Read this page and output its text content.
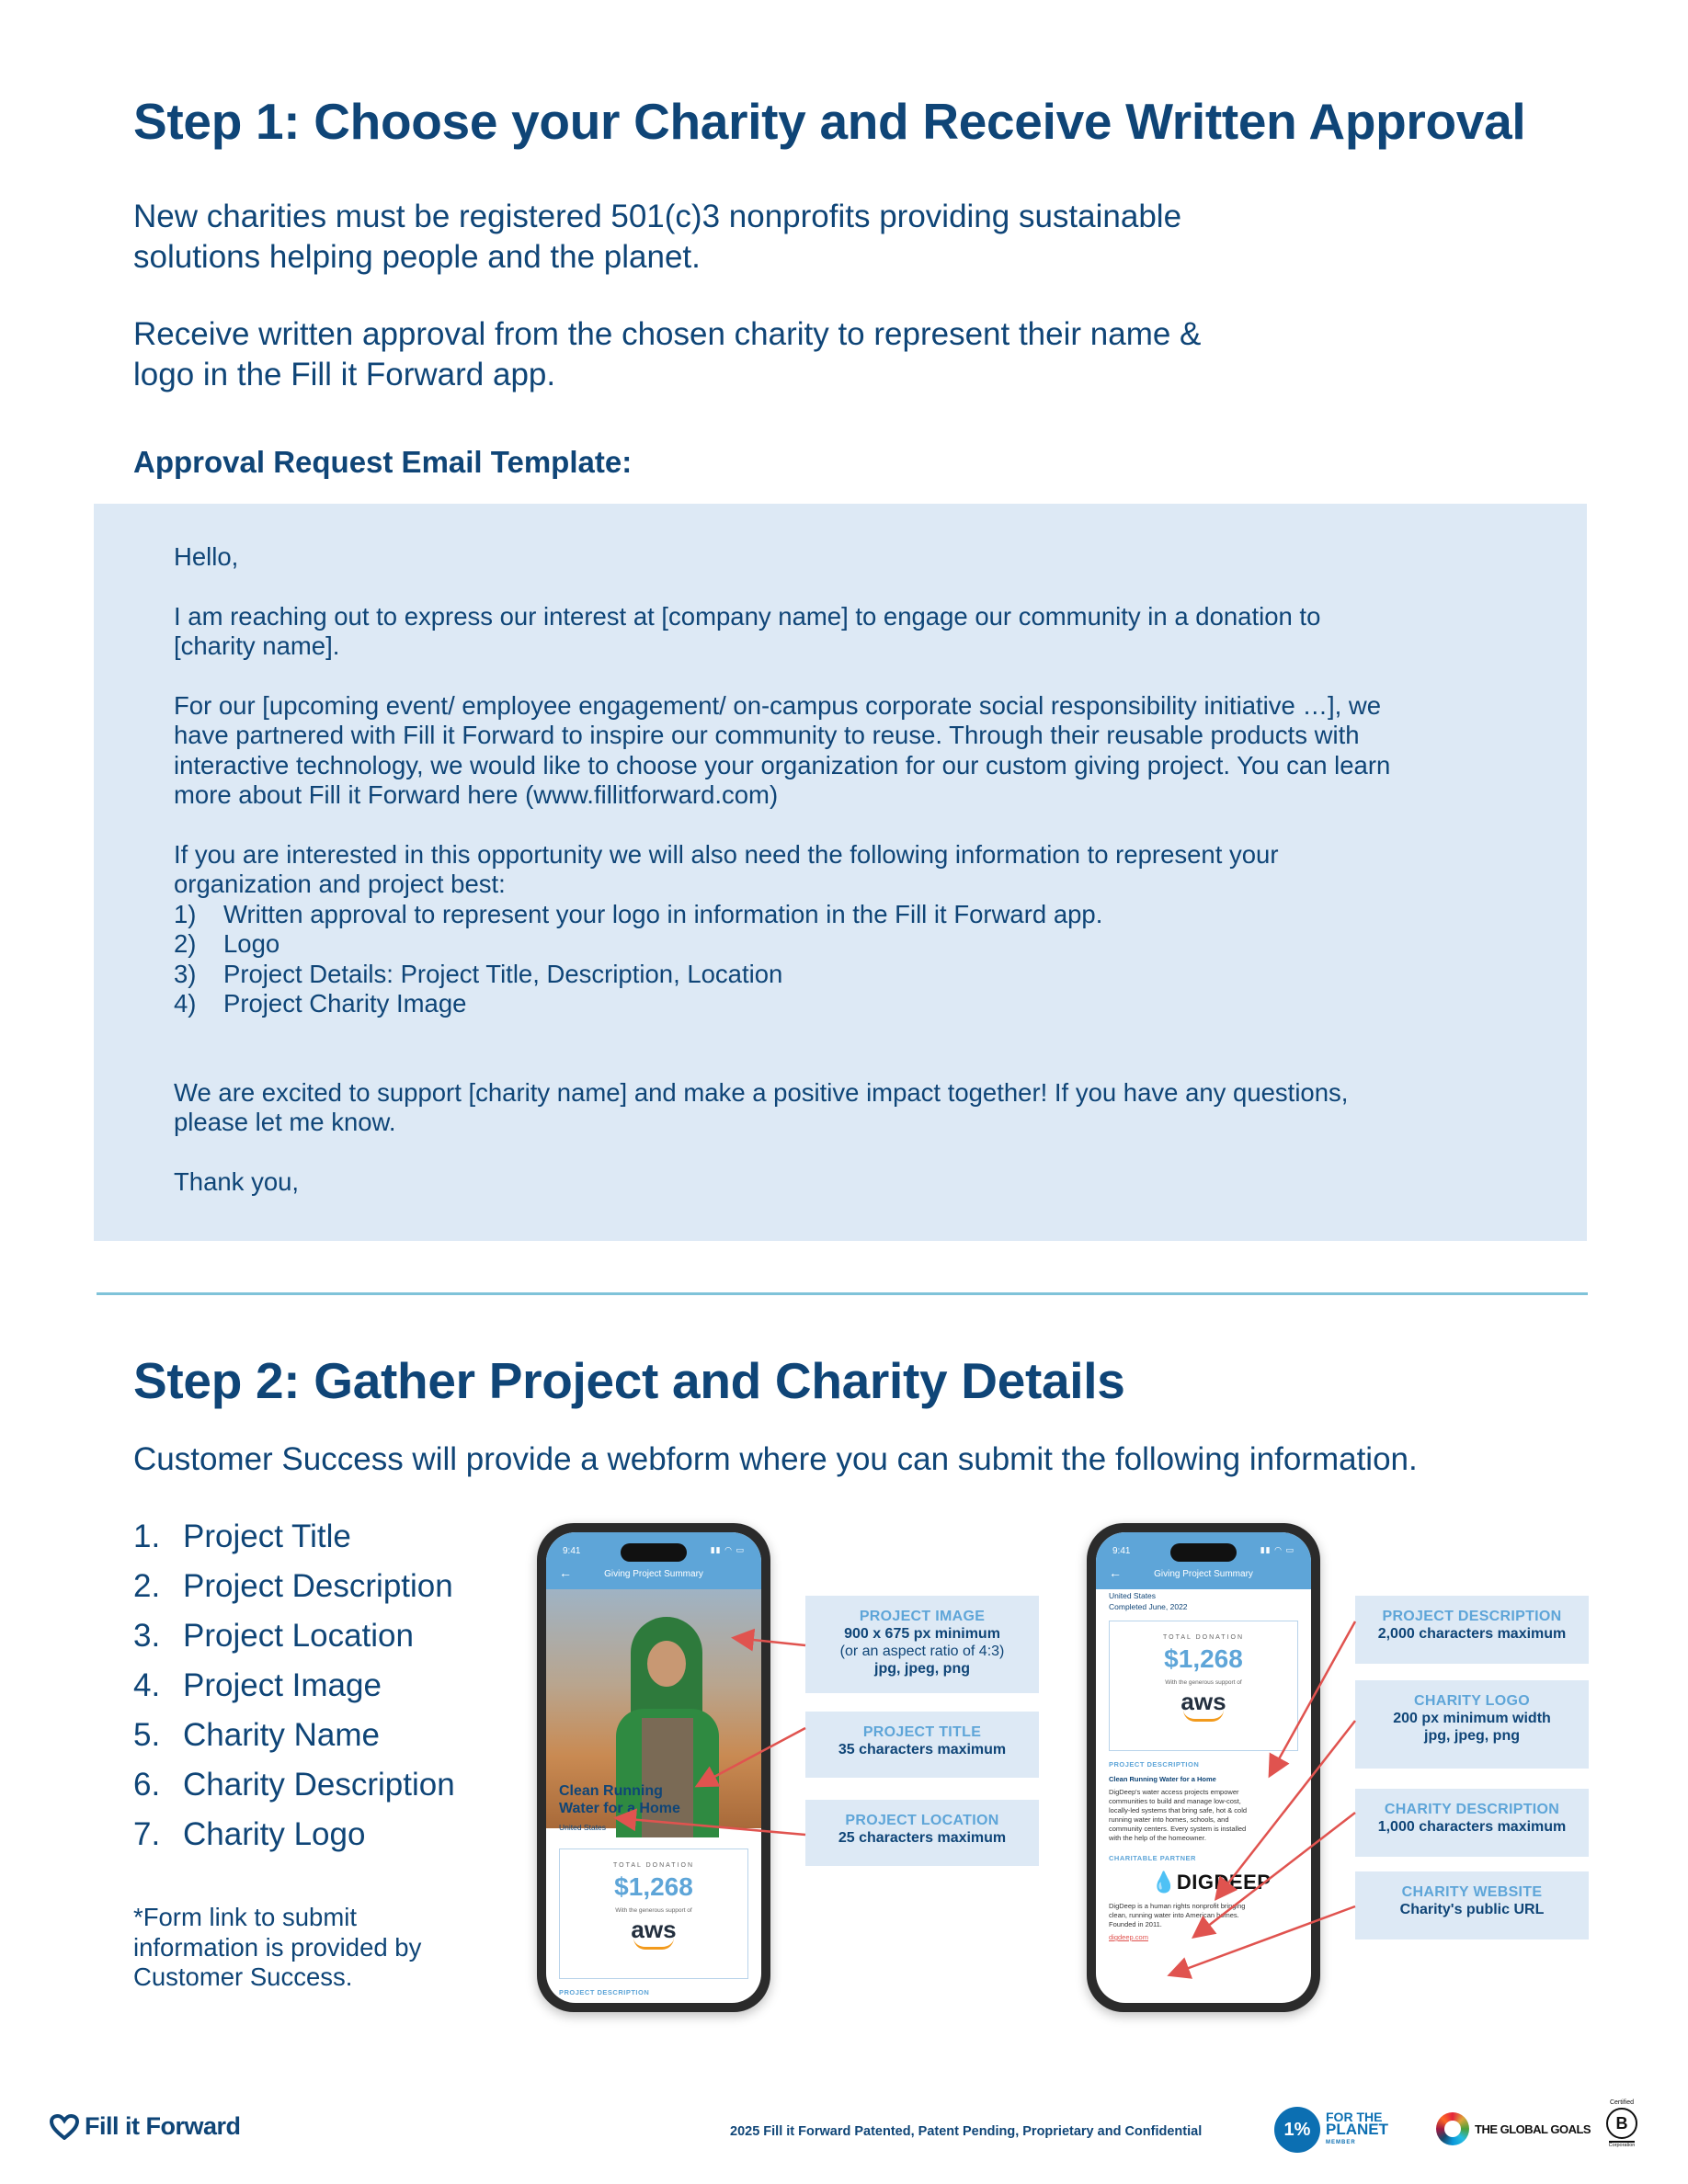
Step 1: Choose your Charity and Receive Written Approval

New charities must be registered 501(c)3 nonprofits providing sustainable

solutions helping people and the planet.

Receive written approval from the chosen charity to represent their name &

logo in the Fill it Forward app.

Approval Request Email Template:

Hello,

I am reaching out to express our interest at [company name] to engage our community in a donation to

[charity name].

For our [upcoming event/ employee engagement/ on-campus corporate social responsibility initiative …], we

have partnered with Fill it Forward to inspire our community to reuse. Through their reusable products with

interactive technology, we would like to choose your organization for our custom giving project. You can learn

more about Fill it Forward here (www.fillitforward.com)

If you are interested in this opportunity we will also need the following information to represent your

organization and project best:

1)	Written approval to represent your logo in information in the Fill it Forward app.
2)	Logo
3)	Project Details: Project Title, Description, Location
4)	Project Charity Image

We are excited to support [charity name] and make a positive impact together! If you have any questions,

please let me know.

Thank you,

Step 2: Gather Project and Charity Details

Customer Success will provide a webform where you can submit the following information.

1. Project Title
2. Project Description
3. Project Location
4. Project Image
5. Charity Name
6. Charity Description
7. Charity Logo

*Form link to submit

information is provided by

Customer Success.

9:41	▮▮ ◠ ▭
←	Giving Project Summary
Clean Running
Water for a Home
United States
TOTAL DONATION
$1,268
With the generous support of
aws
PROJECT DESCRIPTION
9:41	▮▮ ◠ ▭
←	Giving Project Summary
United States
Completed June, 2022
TOTAL DONATION
$1,268
With the generous support of
aws
PROJECT DESCRIPTION
Clean Running Water for a Home
DigDeep's water access projects empower
communities to build and manage low-cost,
locally-led systems that bring safe, hot & cold
running water into homes, schools, and
community centers. Every system is installed
with the help of the homeowner.
CHARITABLE PARTNER
💧DIGDEEP
DigDeep is a human rights nonprofit bringing
clean, running water into American homes.
Founded in 2011.
digdeep.com
PROJECT IMAGE
900 x 675 px minimum
(or an aspect ratio of 4:3)
jpg, jpeg, png
PROJECT TITLE
35 characters maximum
PROJECT LOCATION
25 characters maximum
PROJECT DESCRIPTION
2,000 characters maximum
CHARITY LOGO
200 px minimum width
jpg, jpeg, png
CHARITY DESCRIPTION
1,000 characters maximum
CHARITY WEBSITE
Charity's public URL
Fill it Forward	2025 Fill it Forward Patented, Patent Pending, Proprietary and Confidential	1%
FOR THE
PLANET
MEMBER
THE GLOBAL GOALS
Certified
B
Corporation
